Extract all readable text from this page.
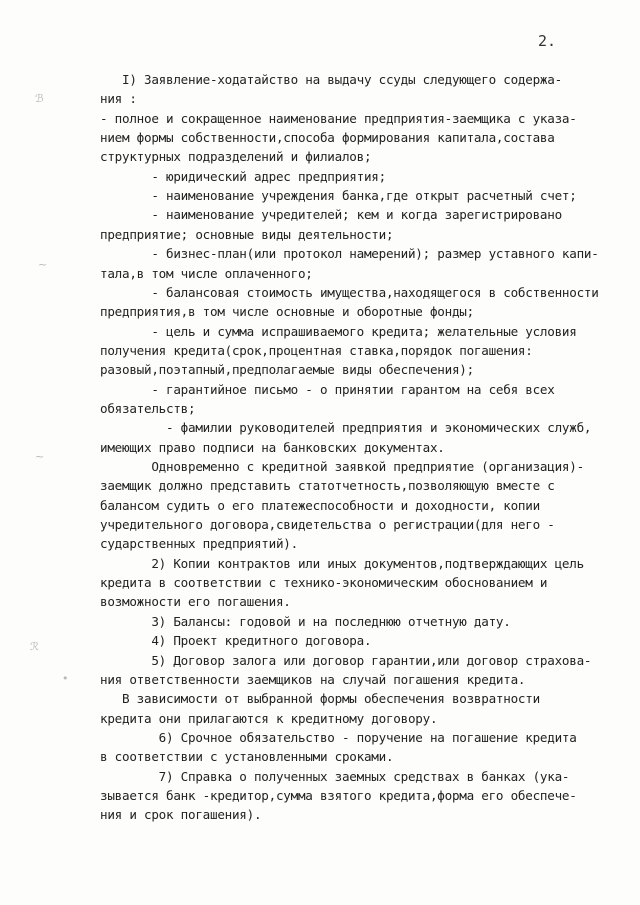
2.
ℬ
~
~
ℛ
•
I) Заявление-ходатайство на выдачу ссуды следующего содержа-
ния :
- полное и сокращенное наименование предприятия-заемщика с указа-
нием формы собственности,способа формирования капитала,состава
структурных подразделений и филиалов;
- юридический адрес предприятия;
- наименование учреждения банка,где открыт расчетный счет;
- наименование учредителей; кем и когда зарегистрировано
предприятие; основные виды деятельности;
- бизнес-план(или протокол намерений); размер уставного капи-
тала,в том числе оплаченного;
- балансовая стоимость имущества,находящегося в собственности
предприятия,в том числе основные и оборотные фонды;
- цель и сумма испрашиваемого кредита; желательные условия
получения кредита(срок,процентная ставка,порядок погашения:
разовый,поэтапный,предполагаемые виды обеспечения);
- гарантийное письмо - о принятии гарантом на себя всех
обязательств;
- фамилии руководителей предприятия и экономических служб,
имеющих право подписи на банковских документах.
Одновременно с кредитной заявкой предприятие (организация)-
заемщик должно представить статотчетность,позволяющую вместе с
балансом судить о его платежеспособности и доходности, копии
учредительного договора,свидетельства о регистрации(для него -
сударственных предприятий).
2) Копии контрактов или иных документов,подтверждающих цель
кредита в соответствии с технико-экономическим обоснованием и
возможности его погашения.
3) Балансы: годовой и на последнюю отчетную дату.
4) Проект кредитного договора.
5) Договор залога или договор гарантии,или договор страхова-
ния ответственности заемщиков на случай погашения кредита.
В зависимости от выбранной формы обеспечения возвратности
кредита они прилагаются к кредитному договору.
6) Срочное обязательство - поручение на погашение кредита
в соответствии с установленными сроками.
7) Справка о полученных заемных средствах в банках (ука-
зывается банк -кредитор,сумма взятого кредита,форма его обеспече-
ния и срок погашения).
